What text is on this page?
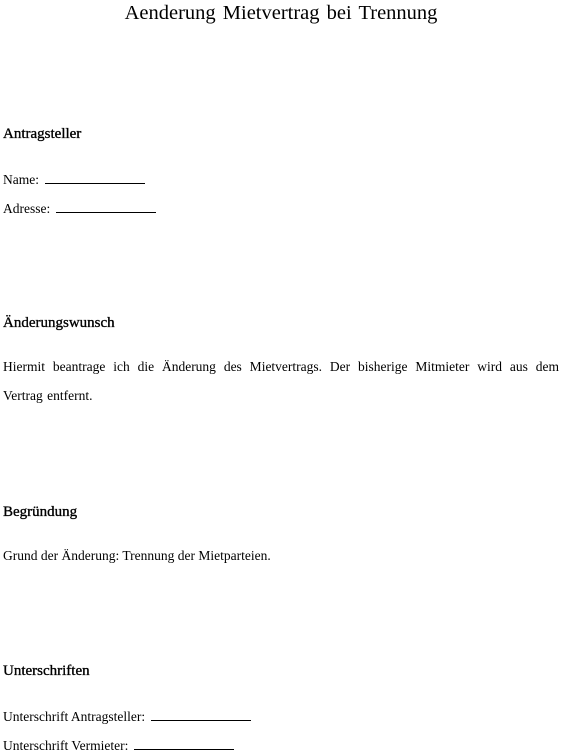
Aenderung Mietvertrag bei Trennung
Antragsteller

Name:

Adresse:

Änderungswunsch

Hiermit beantrage ich die Änderung des Mietvertrags. Der bisherige Mitmieter wird aus dem Vertrag entfernt.

Begründung

Grund der Änderung: Trennung der Mietparteien.

Unterschriften

Unterschrift Antragsteller:

Unterschrift Vermieter:
